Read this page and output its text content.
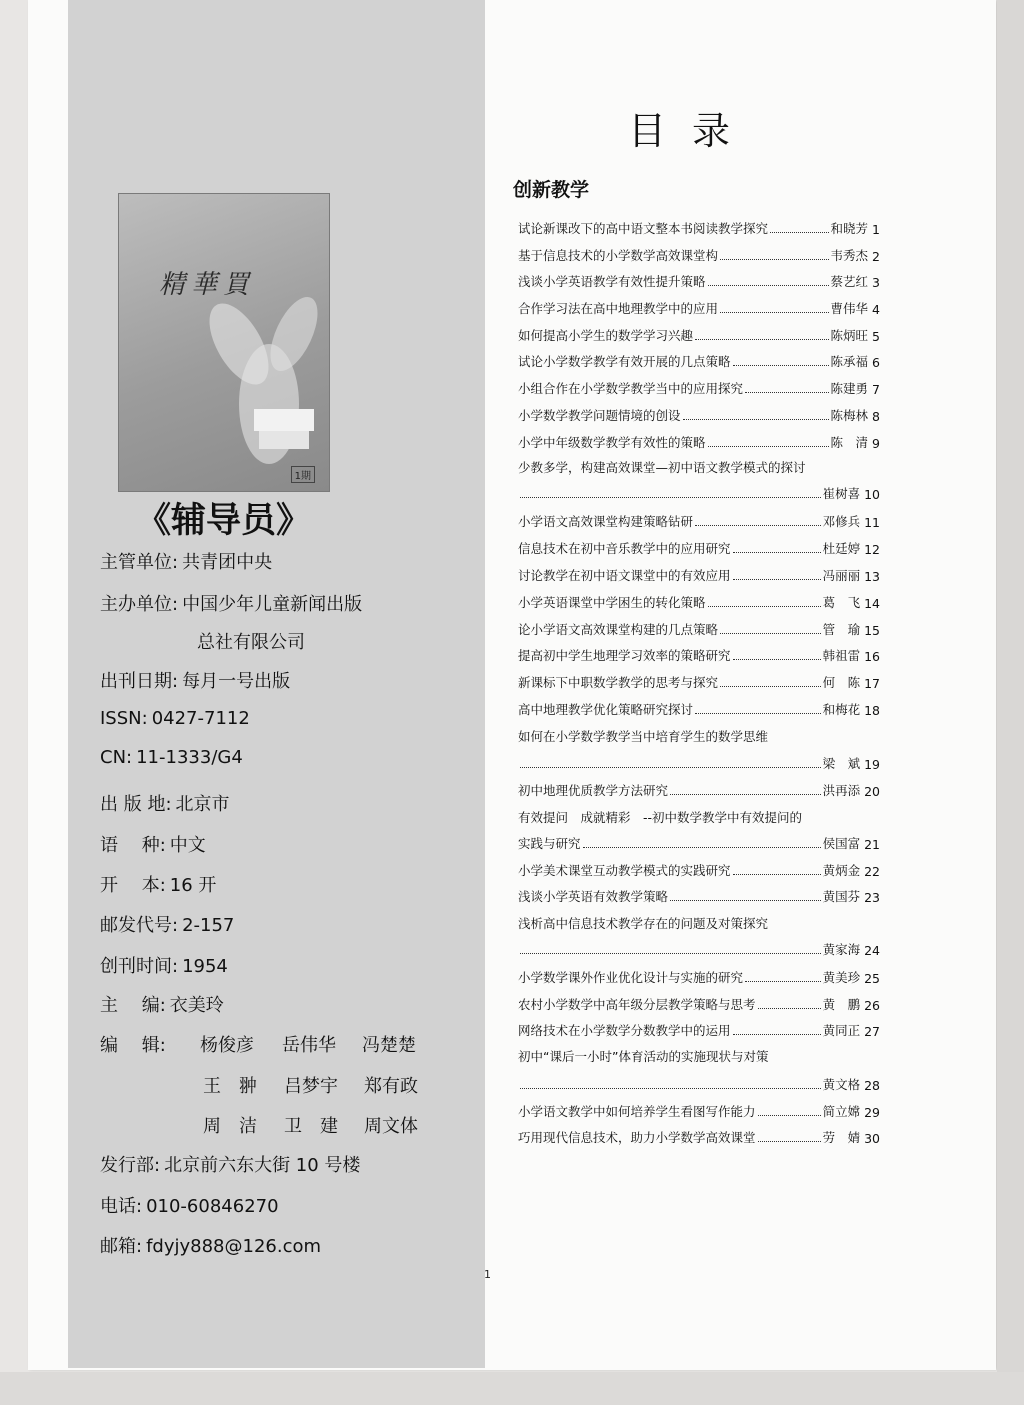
精華買
1期
《辅导员》
主管单位: 共青团中央
主办单位: 中国少年儿童新闻出版
总社有限公司
出刊日期: 每月一号出版
ISSN: 0427-7112
CN: 11-1333/G4
出 版 地: 北京市
语　 种: 中文
开　 本: 16 开
邮发代号: 2-157
创刊时间: 1954
主　 编: 衣美玲
编　 辑: 杨俊彦 岳伟华 冯楚楚
王　翀 吕梦宇 郑有政
周　洁 卫　建 周文体
发行部: 北京前六东大街 10 号楼
电话: 010-60846270
邮箱: fdyjy888@126.com
目录
创新教学
试论新课改下的高中语文整本书阅读教学探究	和晓芳 1
基于信息技术的小学数学高效课堂构	韦秀杰 2
浅谈小学英语教学有效性提升策略	蔡艺红 3
合作学习法在高中地理教学中的应用	曹伟华 4
如何提高小学生的数学学习兴趣	陈炳旺 5
试论小学数学教学有效开展的几点策略	陈承福 6
小组合作在小学数学教学当中的应用探究	陈建勇 7
小学数学教学问题情境的创设	陈梅林 8
小学中年级数学教学有效性的策略	陈　清 9
少教多学，构建高效课堂—初中语文教学模式的探讨
崔树喜 10
小学语文高效课堂构建策略钻研	邓修兵 11
信息技术在初中音乐教学中的应用研究	杜廷婷 12
讨论教学在初中语文课堂中的有效应用	冯丽丽 13
小学英语课堂中学困生的转化策略	葛　飞 14
论小学语文高效课堂构建的几点策略	管　瑜 15
提高初中学生地理学习效率的策略研究	韩祖雷 16
新课标下中职数学教学的思考与探究	何　陈 17
高中地理教学优化策略研究探讨	和梅花 18
如何在小学数学教学当中培育学生的数学思维
梁　斌 19
初中地理优质教学方法研究	洪再添 20
有效提问　成就精彩　--初中数学教学中有效提问的
实践与研究	侯国富 21
小学美术课堂互动教学模式的实践研究	黄炳金 22
浅谈小学英语有效教学策略	黄国芬 23
浅析高中信息技术教学存在的问题及对策探究
黄家海 24
小学数学课外作业优化设计与实施的研究	黄美珍 25
农村小学数学中高年级分层教学策略与思考	黄　鹏 26
网络技术在小学数学分数教学中的运用	黄同正 27
初中“课后一小时”体育活动的实施现状与对策
黄文格 28
小学语文教学中如何培养学生看图写作能力	简立嫦 29
巧用现代信息技术，助力小学数学高效课堂	劳　婧 30
1
